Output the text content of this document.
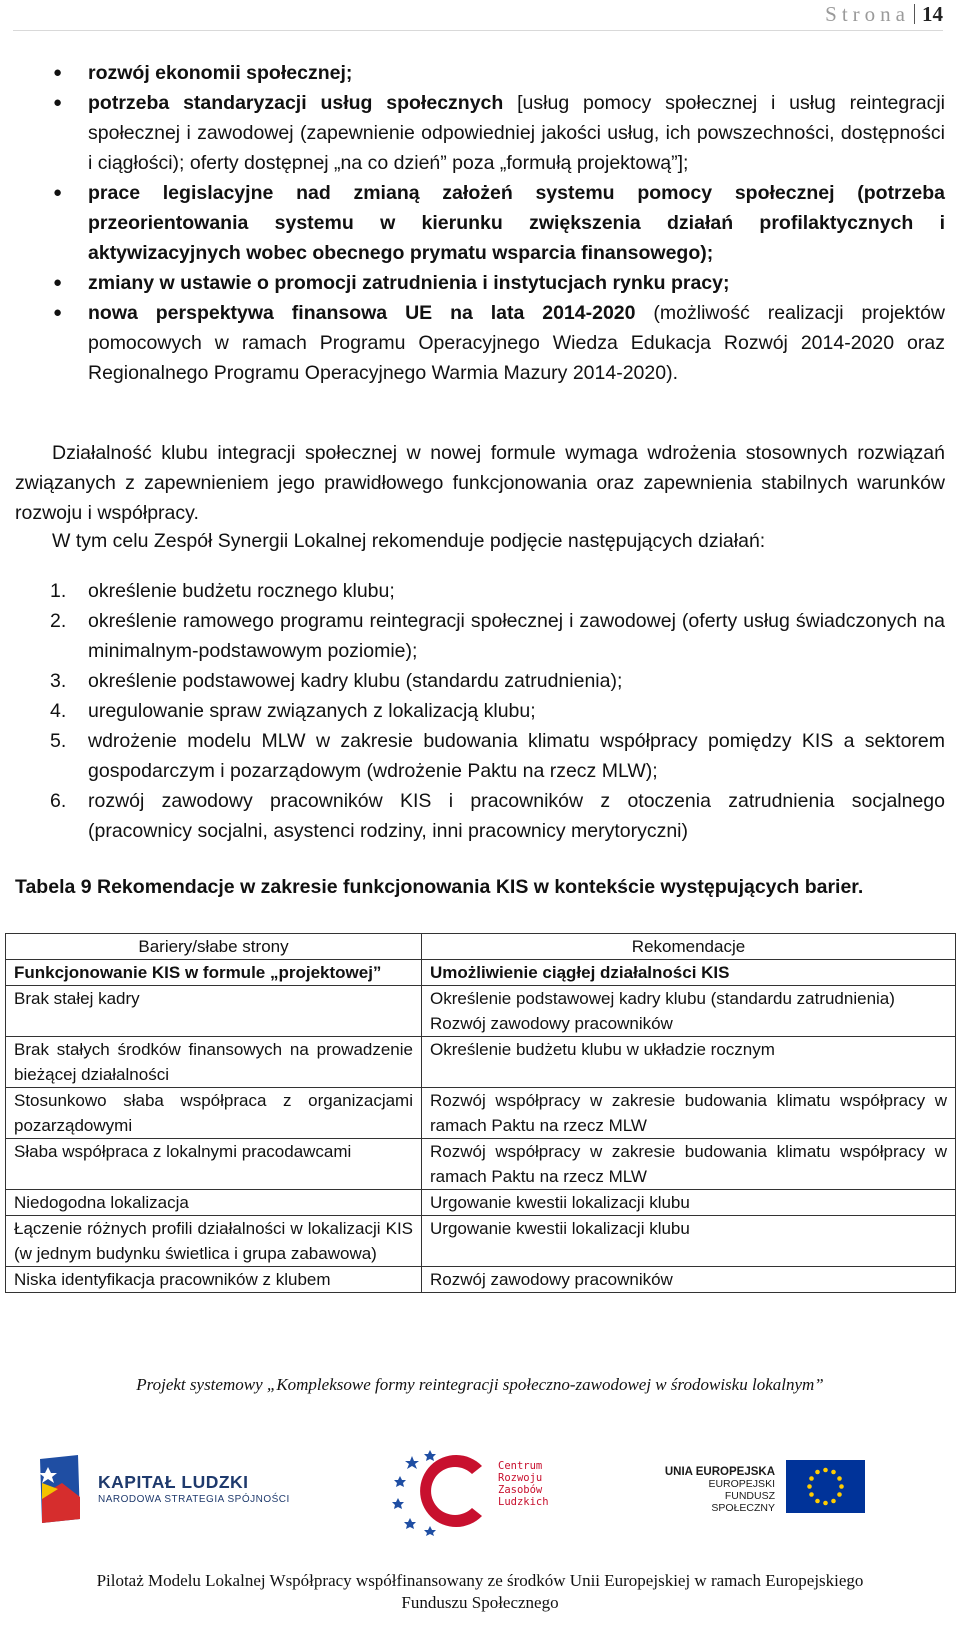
Strona 14
● rozwój ekonomii społecznej;
● potrzeba standaryzacji usług społecznych [usług pomocy społecznej i usług reintegracji społecznej i zawodowej (zapewnienie odpowiedniej jakości usług, ich powszechności, dostępności i ciągłości); oferty dostępnej „na co dzień” poza „formułą projektową”];
● prace legislacyjne nad zmianą założeń systemu pomocy społecznej (potrzeba przeorientowania systemu w kierunku zwiększenia działań profilaktycznych i aktywizacyjnych wobec obecnego prymatu wsparcia finansowego);
● zmiany w ustawie o promocji zatrudnienia i instytucjach rynku pracy;
● nowa perspektywa finansowa UE na lata 2014-2020 (możliwość realizacji projektów pomocowych w ramach Programu Operacyjnego Wiedza Edukacja Rozwój 2014-2020 oraz Regionalnego Programu Operacyjnego Warmia Mazury 2014-2020).

Działalność klubu integracji społecznej w nowej formule wymaga wdrożenia stosownych rozwiązań związanych z zapewnieniem jego prawidłowego funkcjonowania oraz zapewnienia stabilnych warunków rozwoju i współpracy.

W tym celu Zespół Synergii Lokalnej rekomenduje podjęcie następujących działań:

1. określenie budżetu rocznego klubu;
2. określenie ramowego programu reintegracji społecznej i zawodowej (oferty usług świadczonych na minimalnym-podstawowym poziomie);
3. określenie podstawowej kadry klubu (standardu zatrudnienia);
4. uregulowanie spraw związanych z lokalizacją klubu;
5. wdrożenie modelu MLW w zakresie budowania klimatu współpracy pomiędzy KIS a sektorem gospodarczym i pozarządowym (wdrożenie Paktu na rzecz MLW);
6. rozwój zawodowy pracowników KIS i pracowników z otoczenia zatrudnienia socjalnego (pracownicy socjalni, asystenci rodziny, inni pracownicy merytoryczni)

Tabela 9 Rekomendacje w zakresie funkcjonowania KIS w kontekście występujących barier.

Bariery/słabe strony	Rekomendacje
Funkcjonowanie KIS w formule „projektowej”	Umożliwienie ciągłej działalności KIS
Brak stałej kadry	Określenie podstawowej kadry klubu (standardu zatrudnienia)
Rozwój zawodowy pracowników

Brak stałych środków finansowych na prowadzenie bieżącej działalności	Określenie budżetu klubu w układzie rocznym
Stosunkowo słaba współpraca z organizacjami pozarządowymi	Rozwój współpracy w zakresie budowania klimatu współpracy w ramach Paktu na rzecz MLW
Słaba współpraca z lokalnymi pracodawcami	Rozwój współpracy w zakresie budowania klimatu współpracy w ramach Paktu na rzecz MLW
Niedogodna lokalizacja	Urgowanie kwestii lokalizacji klubu
Łączenie różnych profili działalności w lokalizacji KIS (w jednym budynku świetlica i grupa zabawowa)	Urgowanie kwestii lokalizacji klubu
Niska identyfikacja pracowników z klubem	Rozwój zawodowy pracowników
Projekt systemowy „Kompleksowe formy reintegracji społeczno-zawodowej w środowisku lokalnym”
KAPITAŁ LUDZKI
NARODOWA STRATEGIA SPÓJNOŚCI
Centrum
Rozwoju
Zasobów
Ludzkich
UNIA EUROPEJSKA
EUROPEJSKI
FUNDUSZ SPOŁECZNY
Pilotaż Modelu Lokalnej Współpracy współfinansowany ze środków Unii Europejskiej w ramach Europejskiego
Funduszu Społecznego
